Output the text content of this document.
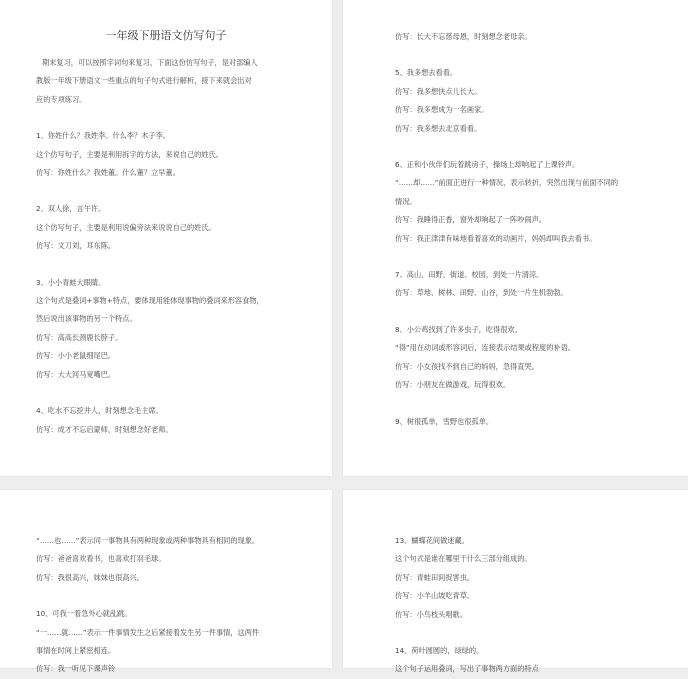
一年级下册语文仿写句子

期末复习，可以按照字词句来复习，下面这份仿写句子，是对部编人

教版一年级下册语文一些重点的句子句式进行解析，接下来就会出对

应的专项练习。

1、你姓什么？我姓李。什么李？木子李。

这个仿写句子，主要是利用拆字的方法，来说自己的姓氏。

仿写：你姓什么？我姓董。什么董？立早董。

2、双人徐，言午许。

这个仿写句子，主要是利用说偏旁法来说说自己的姓氏。

仿写：文刀刘，耳东陈。

3、小小青蛙大眼睛。

这个句式是叠词+事物+特点，要体现用能体现事物的叠词来形容食物，

然后说出该事物的另一个特点。

仿写：高高长颈鹿长脖子。

仿写：小小老鼠细尾巴。

仿写：大大河马宽嘴巴。

4、吃水不忘挖井人，时刻想念毛主席。

仿写：成才不忘启蒙师，时刻想念好老师。

仿写：长大不忘慈母恩，时刻想念老母亲。

5、我多想去看看。

仿写：我多想快点儿长大。

仿写：我多想成为一名画家。

仿写：我多想去北京看看。

6、正和小伙伴们玩着跳房子，操场上却响起了上课铃声。

“……却……”前面正进行一种情况，表示转折，突然出现与前面不同的

情况。

仿写：我睡得正香，窗外却响起了一阵吵闹声。

仿写：我正津津有味地看着喜欢的动画片，妈妈却叫我去看书。

7、高山、田野、街道、校园，到处一片清凉。

仿写：草地、树林、田野、山谷，到处一片生机勃勃。

8、小公鸡找到了许多虫子，吃得很欢。

“得”用在动词或形容词后，连接表示结果或程度的补语。

仿写：小女孩找不到自己的妈妈，急得直哭。

仿写：小朋友在做游戏，玩得很欢。

9、树很孤单，雪野也很孤单。

“……也……”表示同一事物具有两种现象或两种事物具有相同的现象。

仿写：爸爸喜欢看书，也喜欢打羽毛球。

仿写：我很高兴，妹妹也很高兴。

10、可我一着急外心就乱跳。

“一……就……”表示一件事情发生之后紧接着发生另一件事情，这两件

事情在时间上紧密相连。

仿写：我一听见下课声铃

13、蝴蝶花间做迷藏。

这个句式是谁在哪里干什么三部分组成的。

仿写：青蛙田间捉害虫。

仿写：小羊山坡吃青草。

仿写：小鸟枝头唱歌。

14、荷叶圆圆的，绿绿的。

这个句子运用叠词，写出了事物两方面的特点
